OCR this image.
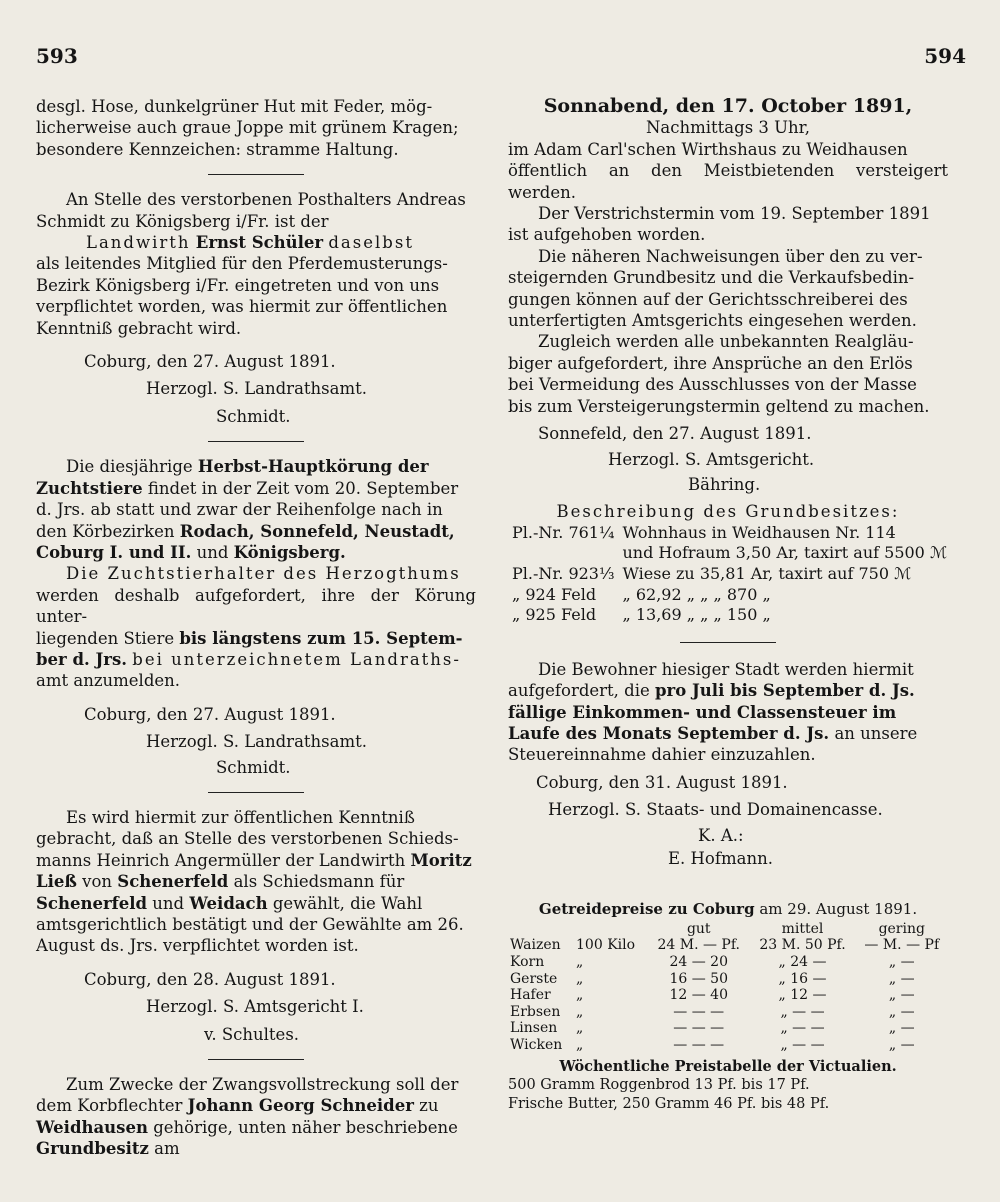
593	594

desgl. Hose, dunkelgrüner Hut mit Feder, mög-

licherweise auch graue Joppe mit grünem Kragen;

besondere Kennzeichen: stramme Haltung.

An Stelle des verstorbenen Posthalters Andreas

Schmidt zu Königsberg i/Fr. ist der

Landwirth Ernst Schüler daselbst

als leitendes Mitglied für den Pferdemusterungs-

Bezirk Königsberg i/Fr. eingetreten und von uns

verpflichtet worden, was hiermit zur öffentlichen

Kenntniß gebracht wird.

Coburg, den 27. August 1891.

Herzogl. S. Landrathsamt.

Schmidt.

Die diesjährige Herbst-Hauptkörung der

Zuchtstiere findet in der Zeit vom 20. September

d. Jrs. ab statt und zwar der Reihenfolge nach in

den Körbezirken Rodach, Sonnefeld, Neustadt,

Coburg I. und II. und Königsberg.

Die Zuchtstierhalter des Herzogthums

werden deshalb aufgefordert, ihre der Körung unter-

liegenden Stiere bis längstens zum 15. Septem-

ber d. Jrs. bei unterzeichnetem Landraths-

amt anzumelden.

Coburg, den 27. August 1891.

Herzogl. S. Landrathsamt.

Schmidt.

Es wird hiermit zur öffentlichen Kenntniß

gebracht, daß an Stelle des verstorbenen Schieds-

manns Heinrich Angermüller der Landwirth Moritz

Ließ von Schenerfeld als Schiedsmann für

Schenerfeld und Weidach gewählt, die Wahl

amtsgerichtlich bestätigt und der Gewählte am 26.

August ds. Jrs. verpflichtet worden ist.

Coburg, den 28. August 1891.

Herzogl. S. Amtsgericht I.

v. Schultes.

Zum Zwecke der Zwangsvollstreckung soll der

dem Korbflechter Johann Georg Schneider zu

Weidhausen gehörige, unten näher beschriebene

Grundbesitz am

Sonnabend, den 17. October 1891,

Nachmittags 3 Uhr,

im Adam Carl'schen Wirthshaus zu Weidhausen

öffentlich an den Meistbietenden versteigert werden.

Der Verstrichstermin vom 19. September 1891

ist aufgehoben worden.

Die näheren Nachweisungen über den zu ver-

steigernden Grundbesitz und die Verkaufsbedin-

gungen können auf der Gerichtsschreiberei des

unterfertigten Amtsgerichts eingesehen werden.

Zugleich werden alle unbekannten Realgläu-

biger aufgefordert, ihre Ansprüche an den Erlös

bei Vermeidung des Ausschlusses von der Masse

bis zum Versteigerungstermin geltend zu machen.

Sonnefeld, den 27. August 1891.

Herzogl. S. Amtsgericht.

Bähring.

Beschreibung des Grundbesitzes:

Pl.-Nr. 761¼	Wohnhaus in Weidhausen Nr. 114
	und Hofraum 3,50 Ar, taxirt auf 5500 ℳ
Pl.-Nr. 923⅓	Wiese zu 35,81 Ar, taxirt auf 750 ℳ
„ 924 Feld	„ 62,92 „ „ „ 870 „
„ 925 Feld	„ 13,69 „ „ „ 150 „

Die Bewohner hiesiger Stadt werden hiermit

aufgefordert, die pro Juli bis September d. Js.

fällige Einkommen- und Classensteuer im

Laufe des Monats September d. Js. an unsere

Steuereinnahme dahier einzuzahlen.

Coburg, den 31. August 1891.

Herzogl. S. Staats- und Domainencasse.

K. A.:

E. Hofmann.

Getreidepreise zu Coburg am 29. August 1891.

		gut	mittel	gering
Waizen	100 Kilo	24 M. — Pf.	23 M. 50 Pf.	— M. — Pf
Korn	„	24 — 20	„ 24 —	„ —
Gerste	„	16 — 50	„ 16 —	„ —
Hafer	„	12 — 40	„ 12 —	„ —
Erbsen	„	— — —	„ — —	„ —
Linsen	„	— — —	„ — —	„ —
Wicken	„	— — —	„ — —	„ —

Wöchentliche Preistabelle der Victualien.

500 Gramm Roggenbrod 13 Pf. bis 17 Pf.

Frische Butter, 250 Gramm 46 Pf. bis 48 Pf.
